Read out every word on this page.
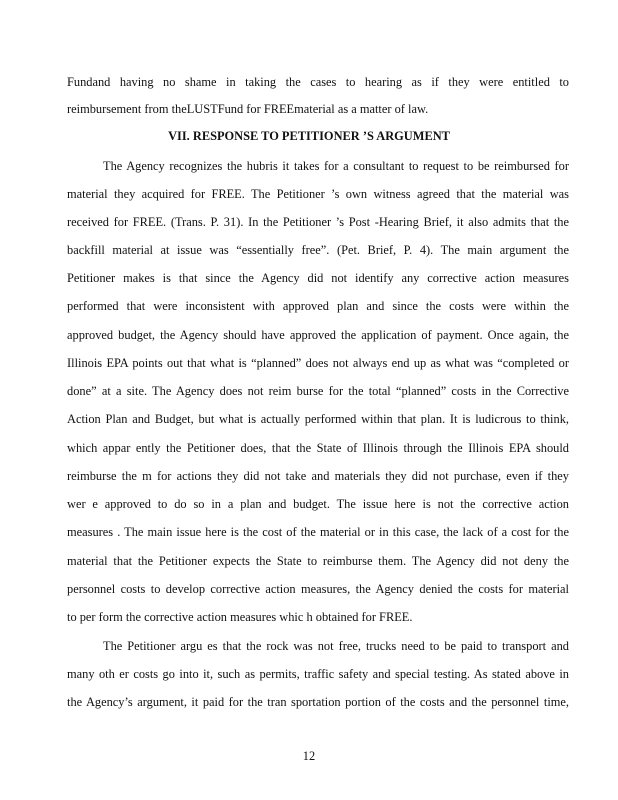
Fundand having no shame in taking the cases to hearing as if they were entitled to
reimbursement from theLUSTFund for FREEmaterial as a matter of law.
VII. RESPONSE TO PETITIONER ’S ARGUMENT
The Agency recognizes the hubris it takes for a consultant to request to be reimbursed for
material they acquired for FREE. The Petitioner ’s own witness agreed that the material was
received for FREE. (Trans. P. 31). In the Petitioner ’s Post -Hearing Brief, it also admits that the
backfill material at issue was “essentially free”. (Pet. Brief, P. 4). The main argument the
Petitioner makes is that since the Agency did not identify any corrective action measures
performed that were inconsistent with approved plan and since the costs were within the
approved budget, the Agency should have approved the application of payment. Once again, the
Illinois EPA points out that what is “planned” does not always end up as what was “completed or
done” at a site. The Agency does not reim burse for the total “planned” costs in the Corrective
Action Plan and Budget, but what is actually performed within that plan. It is ludicrous to think,
which appar ently the Petitioner does, that the State of Illinois through the Illinois EPA should
reimburse the m for actions they did not take and materials they did not purchase, even if they
wer e approved to do so in a plan and budget. The issue here is not the corrective action
measures . The main issue here is the cost of the material or in this case, the lack of a cost for the
material that the Petitioner expects the State to reimburse them. The Agency did not deny the
personnel costs to develop corrective action measures, the Agency denied the costs for material
to per form the corrective action measures whic h obtained for FREE.
The Petitioner argu es that the rock was not free, trucks need to be paid to transport and
many oth er costs go into it, such as permits, traffic safety and special testing. As stated above in
the Agency’s argument, it paid for the tran sportation portion of the costs and the personnel time,
12
